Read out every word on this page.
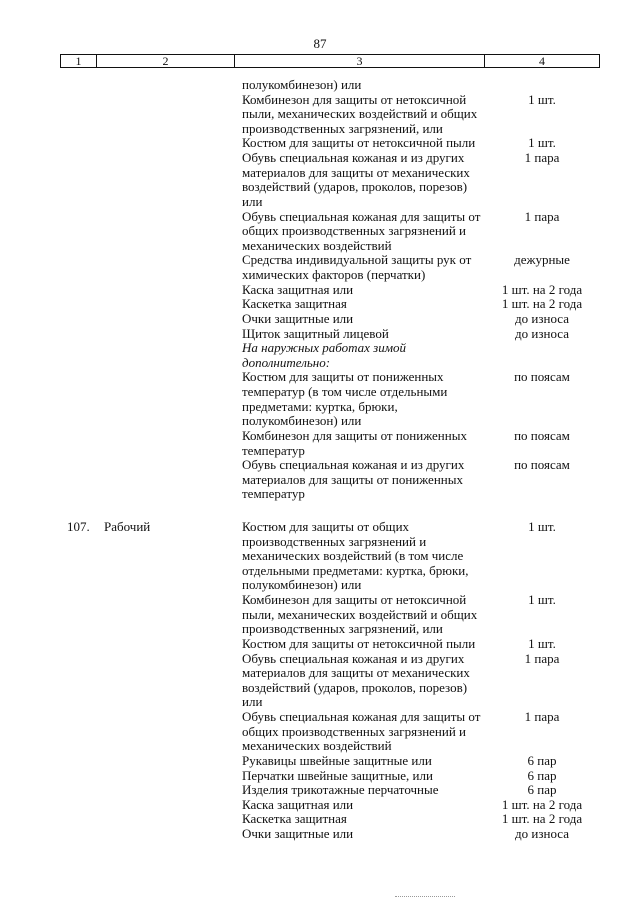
87
1	2	3	4
полукомбинезон) или
Комбинезон для защиты от нетоксичной	1 шт.
пыли, механических воздействий и общих
производственных загрязнений, или
Костюм для защиты от нетоксичной пыли	1 шт.
Обувь специальная кожаная и из других	1 пара
материалов для защиты от механических
воздействий (ударов, проколов, порезов)
или
Обувь специальная кожаная для защиты от	1 пара
общих производственных загрязнений и
механических воздействий
Средства индивидуальной защиты рук от	дежурные
химических факторов (перчатки)
Каска защитная или	1 шт. на 2 года
Каскетка защитная	1 шт. на 2 года
Очки защитные или	до износа
Щиток защитный лицевой	до износа
На наружных работах зимой
дополнительно:
Костюм для защиты от пониженных	по поясам
температур (в том числе отдельными
предметами: куртка, брюки,
полукомбинезон) или
Комбинезон для защиты от пониженных	по поясам
температур
Обувь специальная кожаная и из других	по поясам
материалов для защиты от пониженных
температур
107. Рабочий	Костюм для защиты от общих	1 шт.
производственных загрязнений и
механических воздействий (в том числе
отдельными предметами: куртка, брюки,
полукомбинезон) или
Комбинезон для защиты от нетоксичной	1 шт.
пыли, механических воздействий и общих
производственных загрязнений, или
Костюм для защиты от нетоксичной пыли	1 шт.
Обувь специальная кожаная и из других	1 пара
материалов для защиты от механических
воздействий (ударов, проколов, порезов)
или
Обувь специальная кожаная для защиты от	1 пара
общих производственных загрязнений и
механических воздействий
Рукавицы швейные защитные или	6 пар
Перчатки швейные защитные, или	6 пар
Изделия трикотажные перчаточные	6 пар
Каска защитная или	1 шт. на 2 года
Каскетка защитная	1 шт. на 2 года
Очки защитные или	до износа
